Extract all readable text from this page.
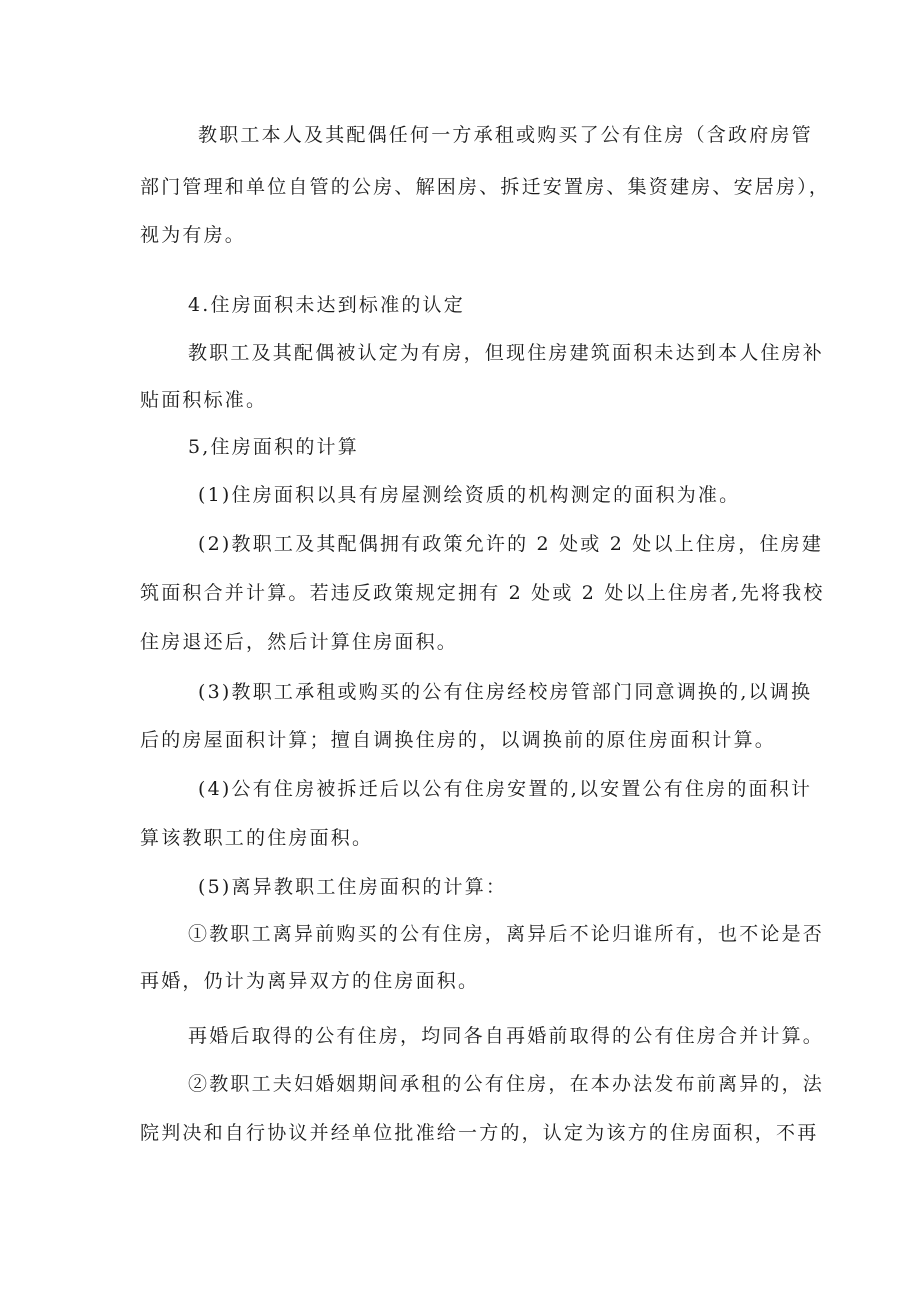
教职工本人及其配偶任何一方承租或购买了公有住房（含政府房管

部门管理和单位自管的公房、解困房、拆迁安置房、集资建房、安居房），

视为有房。

4.住房面积未达到标准的认定

教职工及其配偶被认定为有房，但现住房建筑面积未达到本人住房补

贴面积标准。

5,住房面积的计算

(1)住房面积以具有房屋测绘资质的机构测定的面积为准。

(2)教职工及其配偶拥有政策允许的 2 处或 2 处以上住房，住房建

筑面积合并计算。若违反政策规定拥有 2 处或 2 处以上住房者,先将我校

住房退还后，然后计算住房面积。

(3)教职工承租或购买的公有住房经校房管部门同意调换的,以调换

后的房屋面积计算；擅自调换住房的，以调换前的原住房面积计算。

(4)公有住房被拆迁后以公有住房安置的,以安置公有住房的面积计

算该教职工的住房面积。

(5)离异教职工住房面积的计算：

①教职工离异前购买的公有住房，离异后不论归谁所有，也不论是否

再婚，仍计为离异双方的住房面积。

再婚后取得的公有住房，均同各自再婚前取得的公有住房合并计算。

②教职工夫妇婚姻期间承租的公有住房，在本办法发布前离异的，法

院判决和自行协议并经单位批准给一方的，认定为该方的住房面积，不再
